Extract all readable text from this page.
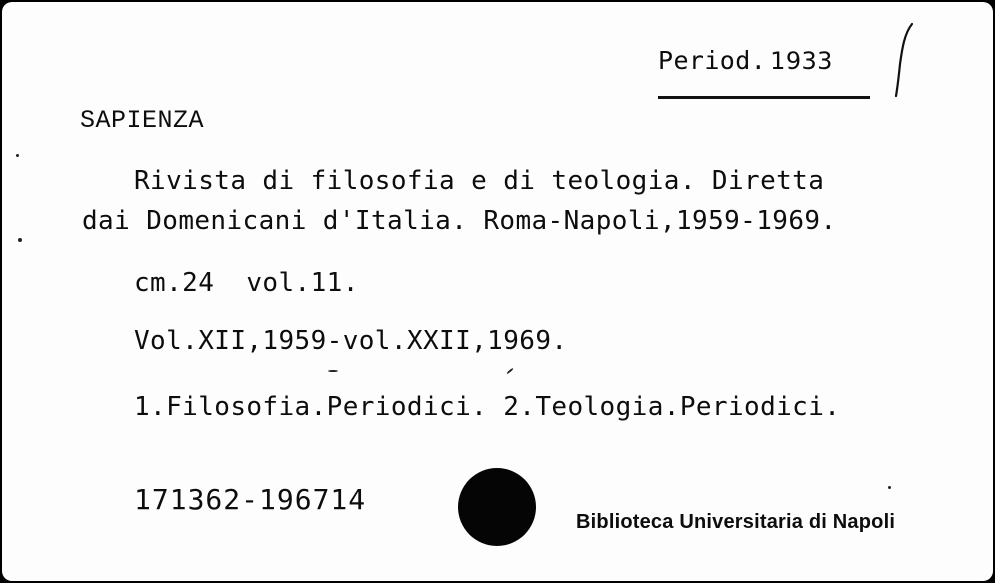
Period. 1933
SAPIENZA
Rivista di filosofia e di teologia. Diretta
dai Domenicani d'Italia. Roma-Napoli,1959-1969.
cm.24  vol.11.
Vol.XII,1959-vol.XXII,1969.
1.Filosofia.Periodici. 2.Teologia.Periodici.
171362-196714
Biblioteca Universitaria di Napoli
